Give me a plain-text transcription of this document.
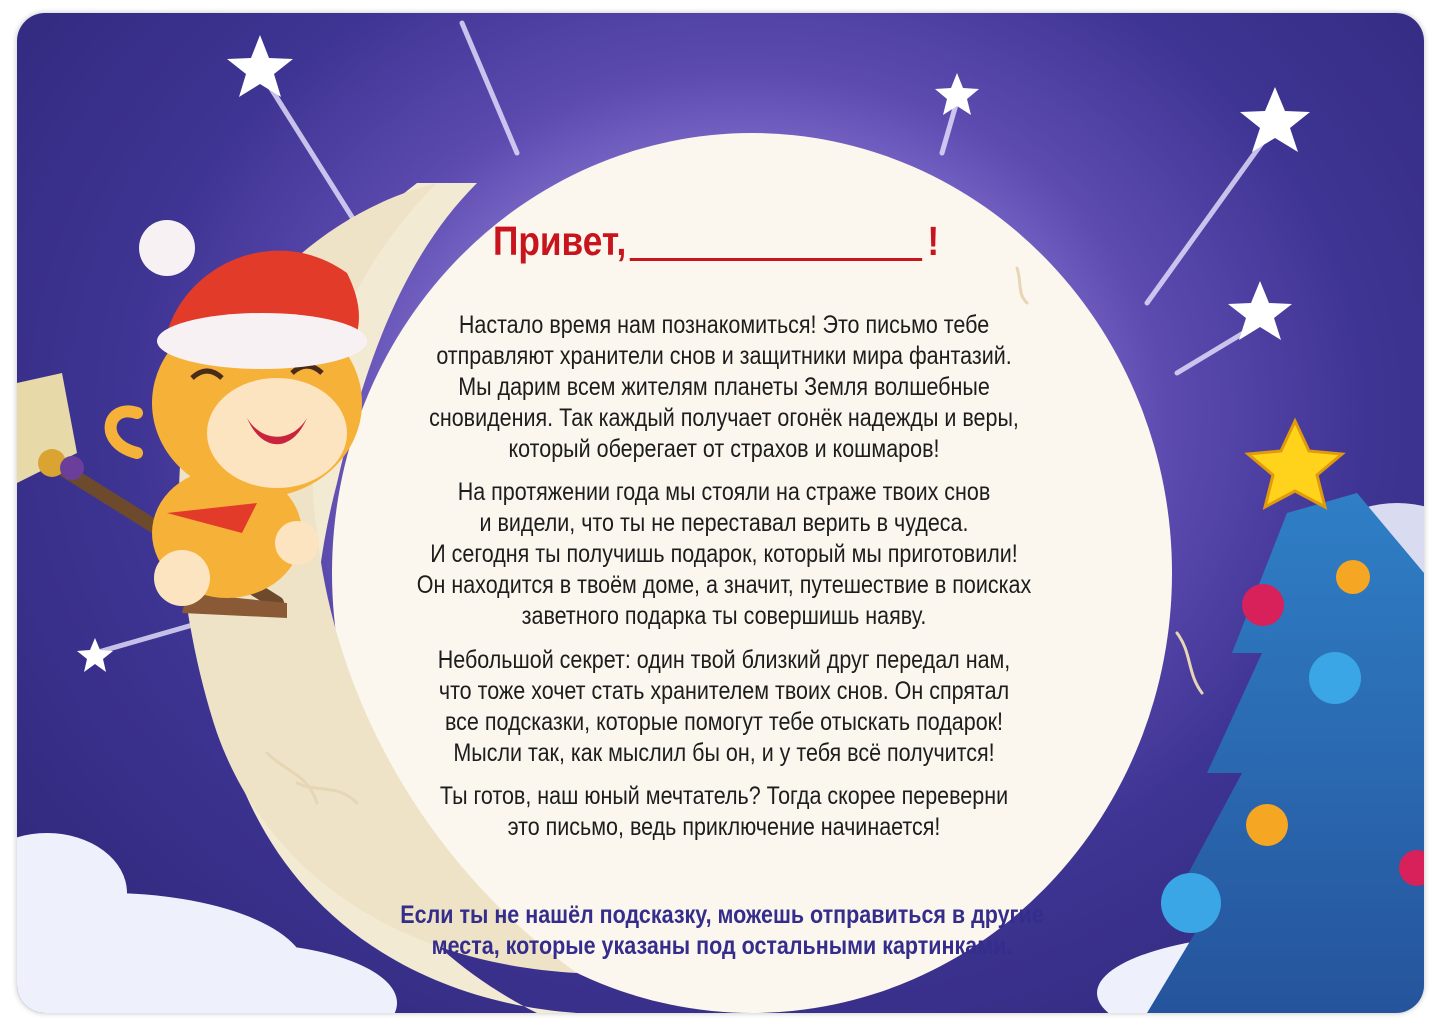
Привет,	!

Настало время нам познакомиться! Это письмо тебе

отправляют хранители снов и защитники мира фантазий.

Мы дарим всем жителям планеты Земля волшебные

сновидения. Так каждый получает огонёк надежды и веры,

который оберегает от страхов и кошмаров!

На протяжении года мы стояли на страже твоих снов

и видели, что ты не переставал верить в чудеса.

И сегодня ты получишь подарок, который мы приготовили!

Он находится в твоём доме, а значит, путешествие в поисках

заветного подарка ты совершишь наяву.

Небольшой секрет: один твой близкий друг передал нам,

что тоже хочет стать хранителем твоих снов. Он спрятал

все подсказки, которые помогут тебе отыскать подарок!

Мысли так, как мыслил бы он, и у тебя всё получится!

Ты готов, наш юный мечтатель? Тогда скорее переверни

это письмо, ведь приключение начинается!

Если ты не нашёл подсказку, можешь отправиться в другие

места, которые указаны под остальными картинками.
